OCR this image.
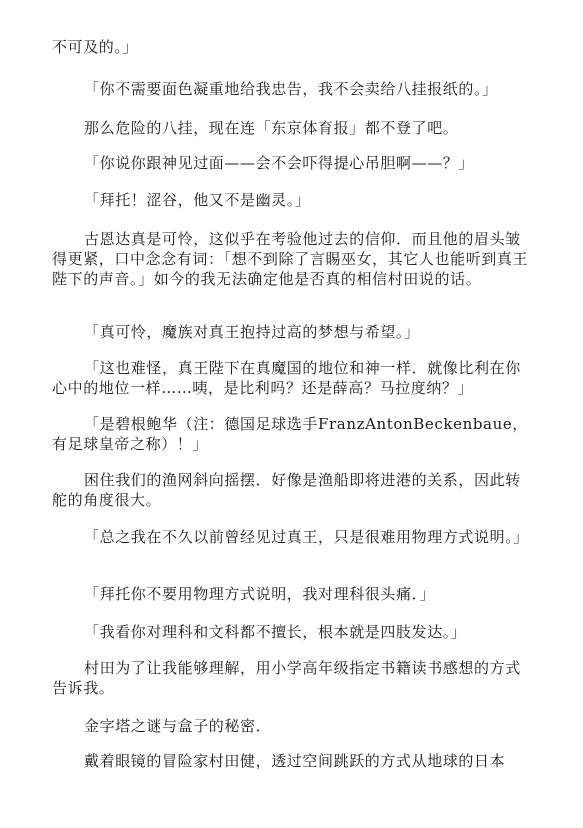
不可及的。」

「你不需要面色凝重地给我忠告，我不会卖给八挂报纸的。」

那么危险的八挂，现在连「东京体育报」都不登了吧。

「你说你跟神见过面——会不会吓得提心吊胆啊——？」

「拜托！涩谷，他又不是幽灵。」

古恩达真是可怜，这似乎在考验他过去的信仰．而且他的眉头皱得更紧，口中念念有词：「想不到除了言賜巫女，其它人也能听到真王陛下的声音。」如今的我无法确定他是否真的相信村田说的话。

「真可怜，魔族对真王抱持过高的梦想与希望。」

「这也难怪，真王陛下在真魔国的地位和神一样．就像比利在你心中的地位一样……咦，是比利吗？还是薛高？马拉度纳？」

「是碧根鲍华（注：德国足球选手FranzAntonBeckenbaue，有足球皇帝之称）！」

困住我们的渔网斜向摇摆．好像是渔船即将进港的关系，因此转舵的角度很大。

「总之我在不久以前曾经见过真王，只是很难用物理方式说明。」

「拜托你不要用物理方式说明，我对理科很头痛．」

「我看你对理科和文科都不擅长，根本就是四肢发达。」

村田为了让我能够理解，用小学高年级指定书籍读书感想的方式告诉我。

金字塔之谜与盒子的秘密．

戴着眼镜的冒险家村田健，透过空间跳跃的方式从地球的日本
